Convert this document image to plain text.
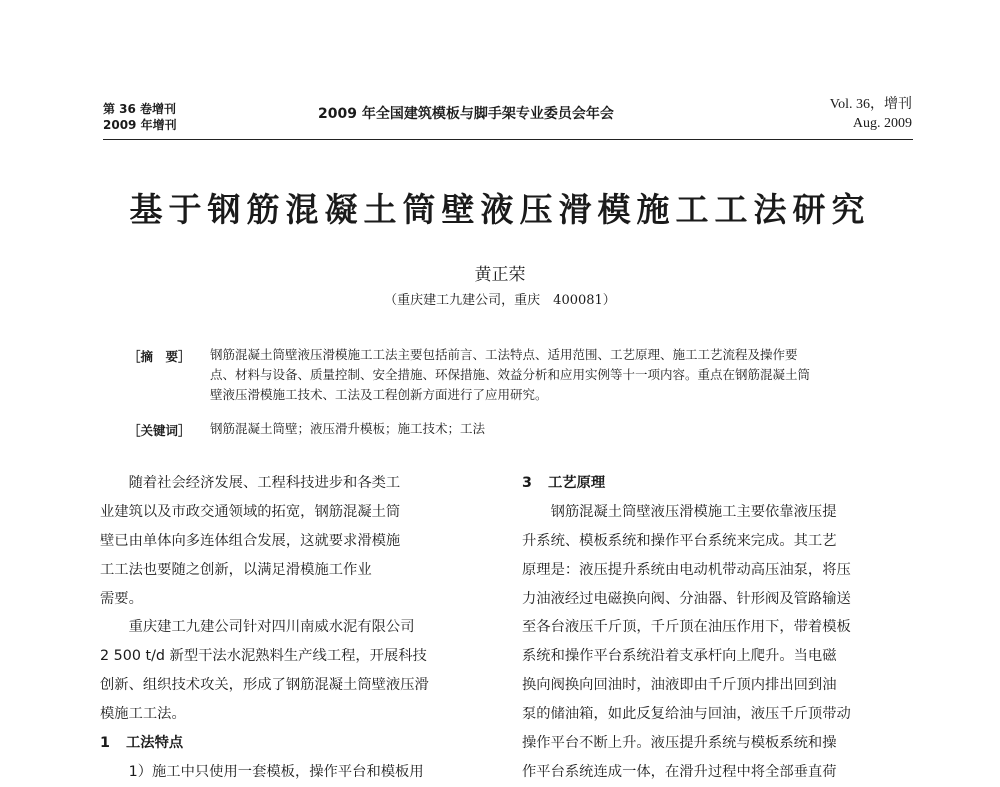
第 36 卷增刊
2009 年增刊
2009 年全国建筑模板与脚手架专业委员会年会
Vol. 36，增刊
Aug. 2009
基于钢筋混凝土筒壁液压滑模施工工法研究
黄正荣
（重庆建工九建公司，重庆　400081）
［摘　要］ 钢筋混凝土筒壁液压滑模施工工法主要包括前言、工法特点、适用范围、工艺原理、施工工艺流程及操作要
点、材料与设备、质量控制、安全措施、环保措施、效益分析和应用实例等十一项内容。重点在钢筋混凝土筒
壁液压滑模施工技术、工法及工程创新方面进行了应用研究。
［关键词］ 钢筋混凝土筒壁；液压滑升模板；施工技术；工法
　　随着社会经济发展、工程科技进步和各类工
业建筑以及市政交通领域的拓宽，钢筋混凝土筒
壁已由单体向多连体组合发展，这就要求滑模施
工工法也要随之创新，以满足滑模施工作业
需要。
　　重庆建工九建公司针对四川南威水泥有限公司
2 500 t/d 新型干法水泥熟料生产线工程，开展科技
创新、组织技术攻关，形成了钢筋混凝土筒壁液压滑
模施工工法。
1 工法特点
　　1）施工中只使用一套模板，操作平台和模板用
3 工艺原理
　　钢筋混凝土筒壁液压滑模施工主要依靠液压提
升系统、模板系统和操作平台系统来完成。其工艺
原理是：液压提升系统由电动机带动高压油泵，将压
力油液经过电磁换向阀、分油器、针形阀及管路输送
至各台液压千斤顶，千斤顶在油压作用下，带着模板
系统和操作平台系统沿着支承杆向上爬升。当电磁
换向阀换向回油时，油液即由千斤顶内排出回到油
泵的储油箱，如此反复给油与回油，液压千斤顶带动
操作平台不断上升。液压提升系统与模板系统和操
作平台系统连成一体，在滑升过程中将全部垂直荷
